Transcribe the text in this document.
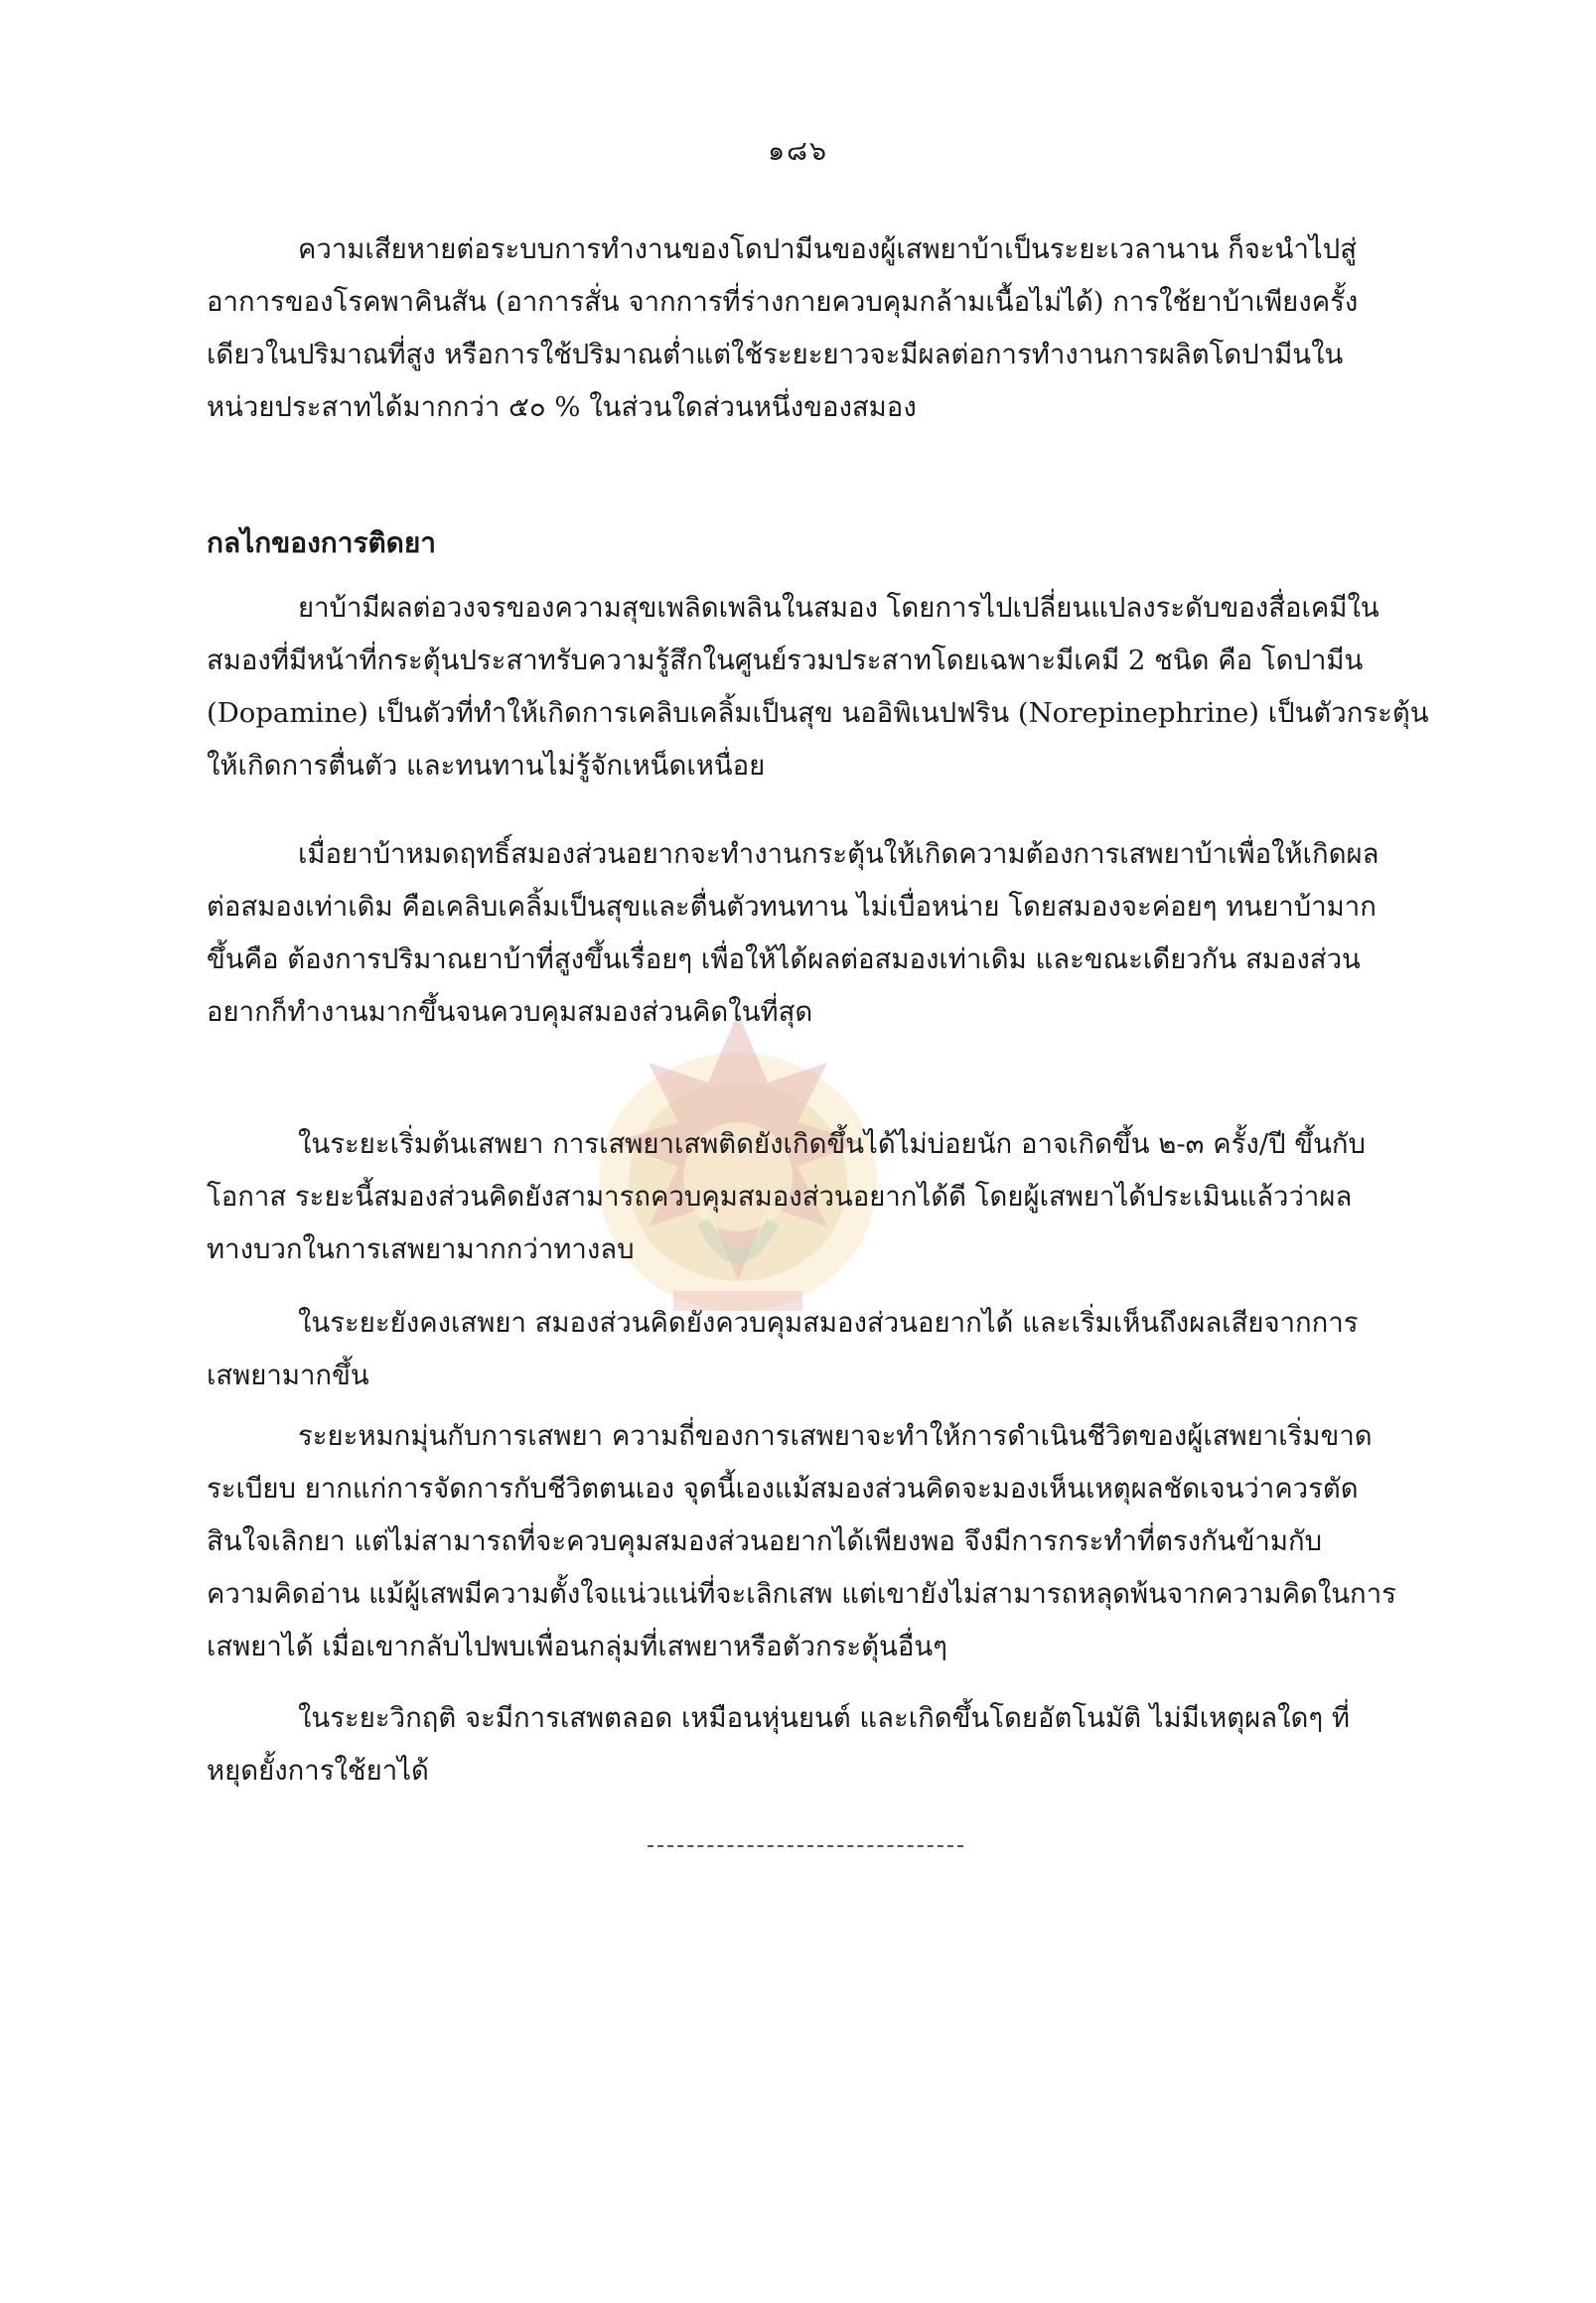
๑๘๖
ความเสียหายต่อระบบการทำงานของโดปามีนของผู้เสพยาบ้าเป็นระยะเวลานาน ก็จะนำไปสู่
อาการของโรคพาคินสัน (อาการสั่น จากการที่ร่างกายควบคุมกล้ามเนื้อไม่ได้) การใช้ยาบ้าเพียงครั้ง
เดียวในปริมาณที่สูง หรือการใช้ปริมาณต่ำแต่ใช้ระยะยาวจะมีผลต่อการทำงานการผลิตโดปามีนใน
หน่วยประสาทได้มากกว่า ๕๐ % ในส่วนใดส่วนหนึ่งของสมอง
กลไกของการติดยา
ยาบ้ามีผลต่อวงจรของความสุขเพลิดเพลินในสมอง โดยการไปเปลี่ยนแปลงระดับของสื่อเคมีใน
สมองที่มีหน้าที่กระตุ้นประสาทรับความรู้สึกในศูนย์รวมประสาทโดยเฉพาะมีเคมี 2 ชนิด คือ โดปามีน
(Dopamine) เป็นตัวที่ทำให้เกิดการเคลิบเคลิ้มเป็นสุข นออิพิเนปฟริน (Norepinephrine) เป็นตัวกระตุ้น
ให้เกิดการตื่นตัว และทนทานไม่รู้จักเหน็ดเหนื่อย
เมื่อยาบ้าหมดฤทธิ์สมองส่วนอยากจะทำงานกระตุ้นให้เกิดความต้องการเสพยาบ้าเพื่อให้เกิดผล
ต่อสมองเท่าเดิม คือเคลิบเคลิ้มเป็นสุขและตื่นตัวทนทาน ไม่เบื่อหน่าย โดยสมองจะค่อยๆ ทนยาบ้ามาก
ขึ้นคือ ต้องการปริมาณยาบ้าที่สูงขึ้นเรื่อยๆ เพื่อให้ได้ผลต่อสมองเท่าเดิม และขณะเดียวกัน สมองส่วน
อยากก็ทำงานมากขึ้นจนควบคุมสมองส่วนคิดในที่สุด
ในระยะเริ่มต้นเสพยา การเสพยาเสพติดยังเกิดขึ้นได้ไม่บ่อยนัก อาจเกิดขึ้น ๒-๓ ครั้ง/ปี ขึ้นกับ
โอกาส ระยะนี้สมองส่วนคิดยังสามารถควบคุมสมองส่วนอยากได้ดี โดยผู้เสพยาได้ประเมินแล้วว่าผล
ทางบวกในการเสพยามากกว่าทางลบ
ในระยะยังคงเสพยา สมองส่วนคิดยังควบคุมสมองส่วนอยากได้ และเริ่มเห็นถึงผลเสียจากการ
เสพยามากขึ้น
ระยะหมกมุ่นกับการเสพยา ความถี่ของการเสพยาจะทำให้การดำเนินชีวิตของผู้เสพยาเริ่มขาด
ระเบียบ ยากแก่การจัดการกับชีวิตตนเอง จุดนี้เองแม้สมองส่วนคิดจะมองเห็นเหตุผลชัดเจนว่าควรตัด
สินใจเลิกยา แต่ไม่สามารถที่จะควบคุมสมองส่วนอยากได้เพียงพอ จึงมีการกระทำที่ตรงกันข้ามกับ
ความคิดอ่าน แม้ผู้เสพมีความตั้งใจแน่วแน่ที่จะเลิกเสพ แต่เขายังไม่สามารถหลุดพ้นจากความคิดในการ
เสพยาได้ เมื่อเขากลับไปพบเพื่อนกลุ่มที่เสพยาหรือตัวกระตุ้นอื่นๆ
ในระยะวิกฤติ จะมีการเสพตลอด เหมือนหุ่นยนต์ และเกิดขึ้นโดยอัตโนมัติ ไม่มีเหตุผลใดๆ ที่
หยุดยั้งการใช้ยาได้
